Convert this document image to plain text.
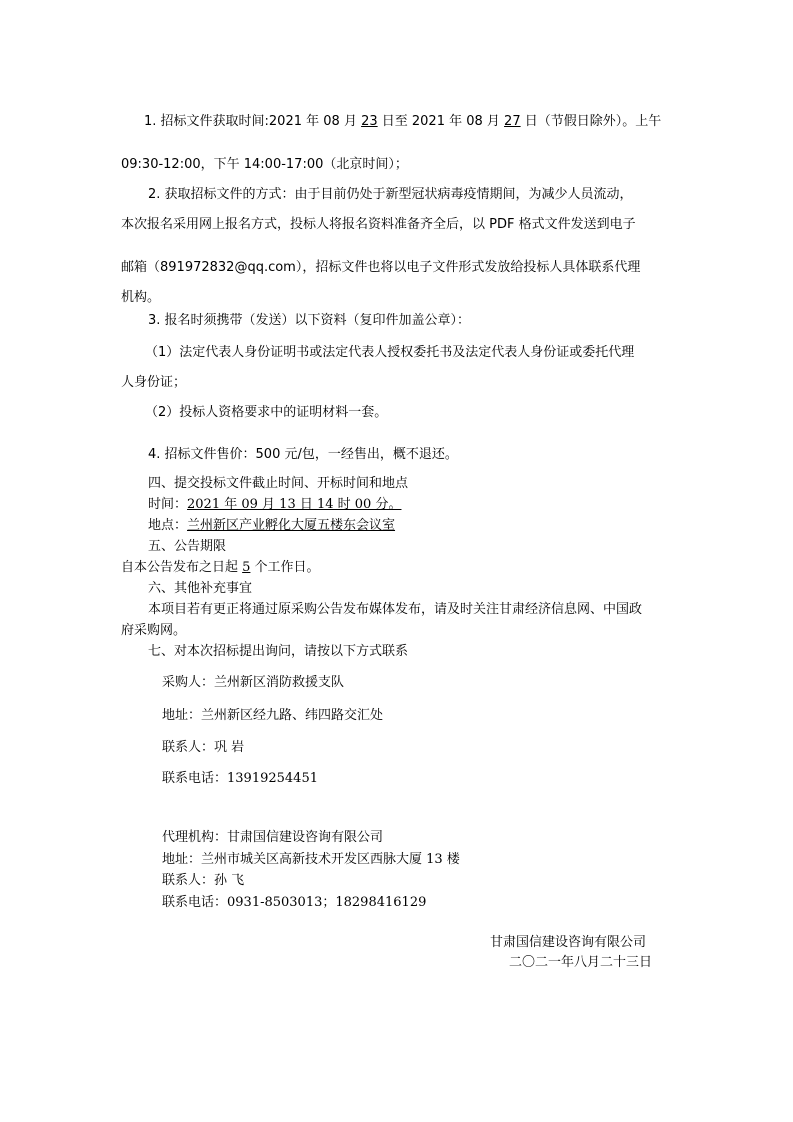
1. 招标文件获取时间:2021 年 08 月 23 日至 2021 年 08 月 27 日（节假日除外）。上午
09:30-12:00，下午 14:00-17:00（北京时间）；
2. 获取招标文件的方式：由于目前仍处于新型冠状病毒疫情期间，为减少人员流动，
本次报名采用网上报名方式，投标人将报名资料准备齐全后，以 PDF 格式文件发送到电子
邮箱（891972832@qq.com），招标文件也将以电子文件形式发放给投标人具体联系代理
机构。
3. 报名时须携带（发送）以下资料（复印件加盖公章）：
（1）法定代表人身份证明书或法定代表人授权委托书及法定代表人身份证或委托代理
人身份证；
（2）投标人资格要求中的证明材料一套。
4. 招标文件售价：500 元/包，一经售出，概不退还。
四、提交投标文件截止时间、开标时间和地点
时间：2021 年 09 月 13 日 14 时 00 分。
地点：兰州新区产业孵化大厦五楼东会议室
五、公告期限
自本公告发布之日起 5 个工作日。
六、其他补充事宜
本项目若有更正将通过原采购公告发布媒体发布，请及时关注甘肃经济信息网、中国政
府采购网。
七、对本次招标提出询问，请按以下方式联系
采购人：兰州新区消防救援支队
地址：兰州新区经九路、纬四路交汇处
联系人：巩 岩
联系电话：13919254451
代理机构：甘肃国信建设咨询有限公司
地址：兰州市城关区高新技术开发区西脉大厦 13 楼
联系人：孙 飞
联系电话：0931-8503013；18298416129
甘肃国信建设咨询有限公司
二〇二一年八月二十三日
